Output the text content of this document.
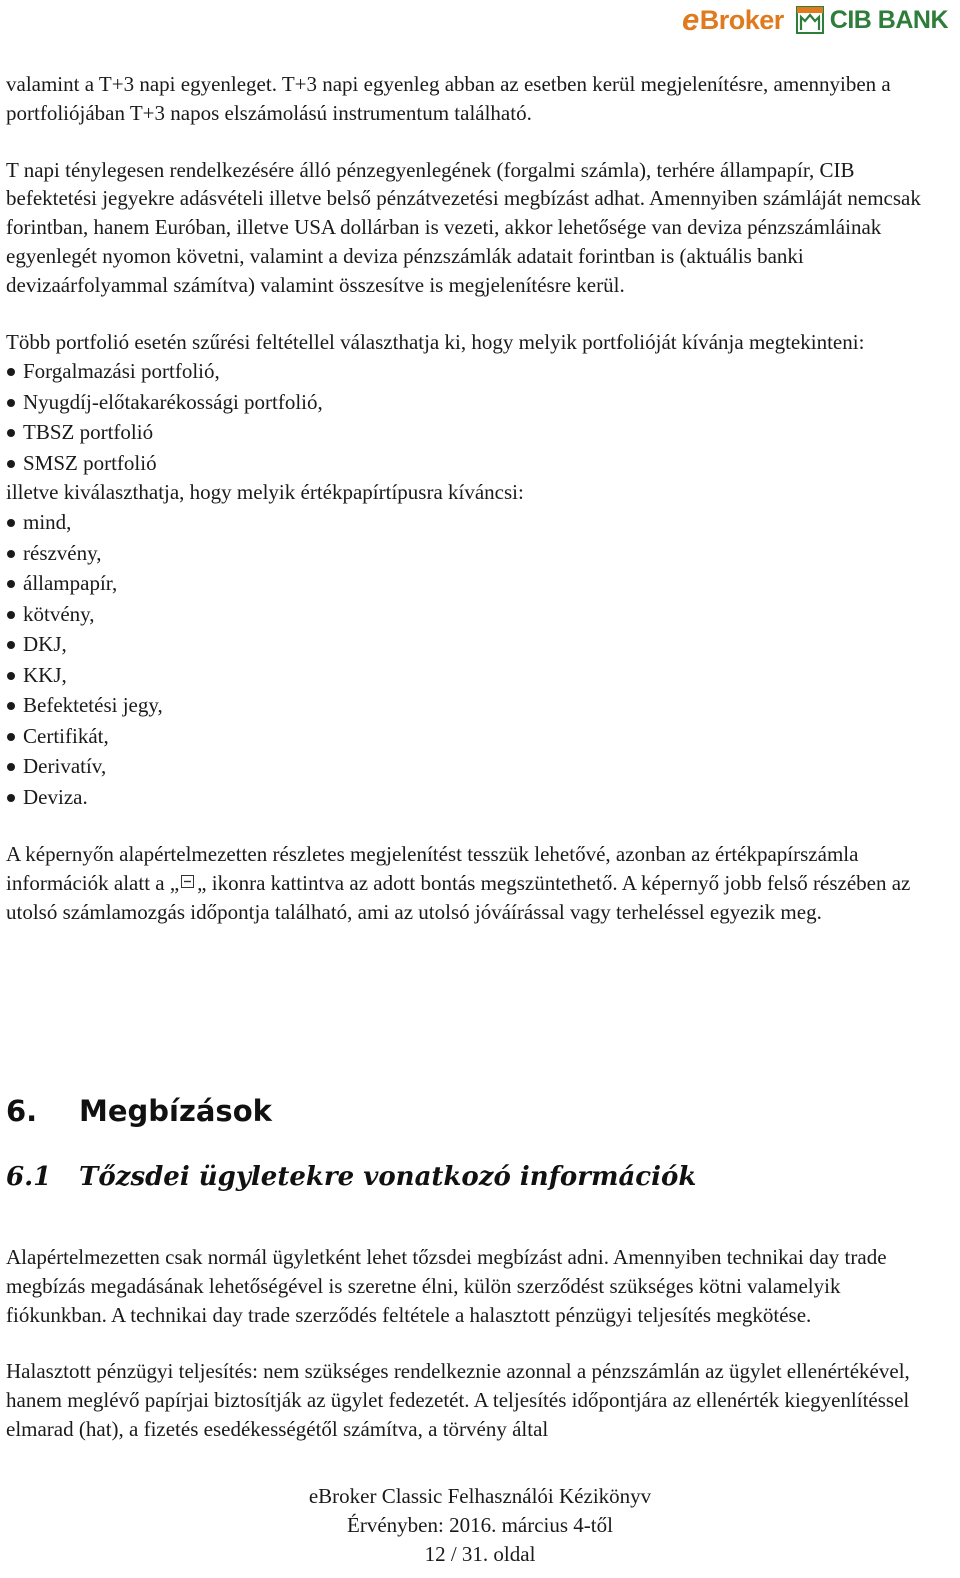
e Broker CIB BANK

valamint a T+3 napi egyenleget. T+3 napi egyenleg abban az esetben kerül megjelenítésre, amennyiben a portfoliójában T+3 napos elszámolású instrumentum található.

T napi ténylegesen rendelkezésére álló pénzegyenlegének (forgalmi számla), terhére állampapír, CIB befektetési jegyekre adásvételi illetve belső pénzátvezetési megbízást adhat. Amennyiben számláját nemcsak forintban, hanem Euróban, illetve USA dollárban is vezeti, akkor lehetősége van deviza pénzszámláinak egyenlegét nyomon követni, valamint a deviza pénzszámlák adatait forintban is (aktuális banki devizaárfolyammal számítva) valamint összesítve is megjelenítésre kerül.

Több portfolió esetén szűrési feltétellel választhatja ki, hogy melyik portfolióját kívánja megtekinteni:

Forgalmazási portfolió,
Nyugdíj-előtakarékossági portfolió,
TBSZ portfolió
SMSZ portfolió

illetve kiválaszthatja, hogy melyik értékpapírtípusra kíváncsi:

mind,
részvény,
állampapír,
kötvény,
DKJ,
KKJ,
Befektetési jegy,
Certifikát,
Derivatív,
Deviza.

A képernyőn alapértelmezetten részletes megjelenítést tesszük lehetővé, azonban az értékpapírszámla információk alatt a „ „ ikonra kattintva az adott bontás megszüntethető. A képernyő jobb felső részében az utolsó számlamozgás időpontja található, ami az utolsó jóváírással vagy terheléssel egyezik meg.

6.	Megbízások
6.1	Tőzsdei ügyletekre vonatkozó információk

Alapértelmezetten csak normál ügyletként lehet tőzsdei megbízást adni. Amennyiben technikai day trade megbízás megadásának lehetőségével is szeretne élni, külön szerződést szükséges kötni valamelyik fiókunkban. A technikai day trade szerződés feltétele a halasztott pénzügyi teljesítés megkötése.

Halasztott pénzügyi teljesítés: nem szükséges rendelkeznie azonnal a pénzszámlán az ügylet ellenértékével, hanem meglévő papírjai biztosítják az ügylet fedezetét. A teljesítés időpontjára az ellenérték kiegyenlítéssel elmarad (hat), a fizetés esedékességétől számítva, a törvény által

eBroker Classic Felhasználói Kézikönyv
Érvényben: 2016. március 4-től
12 / 31. oldal
